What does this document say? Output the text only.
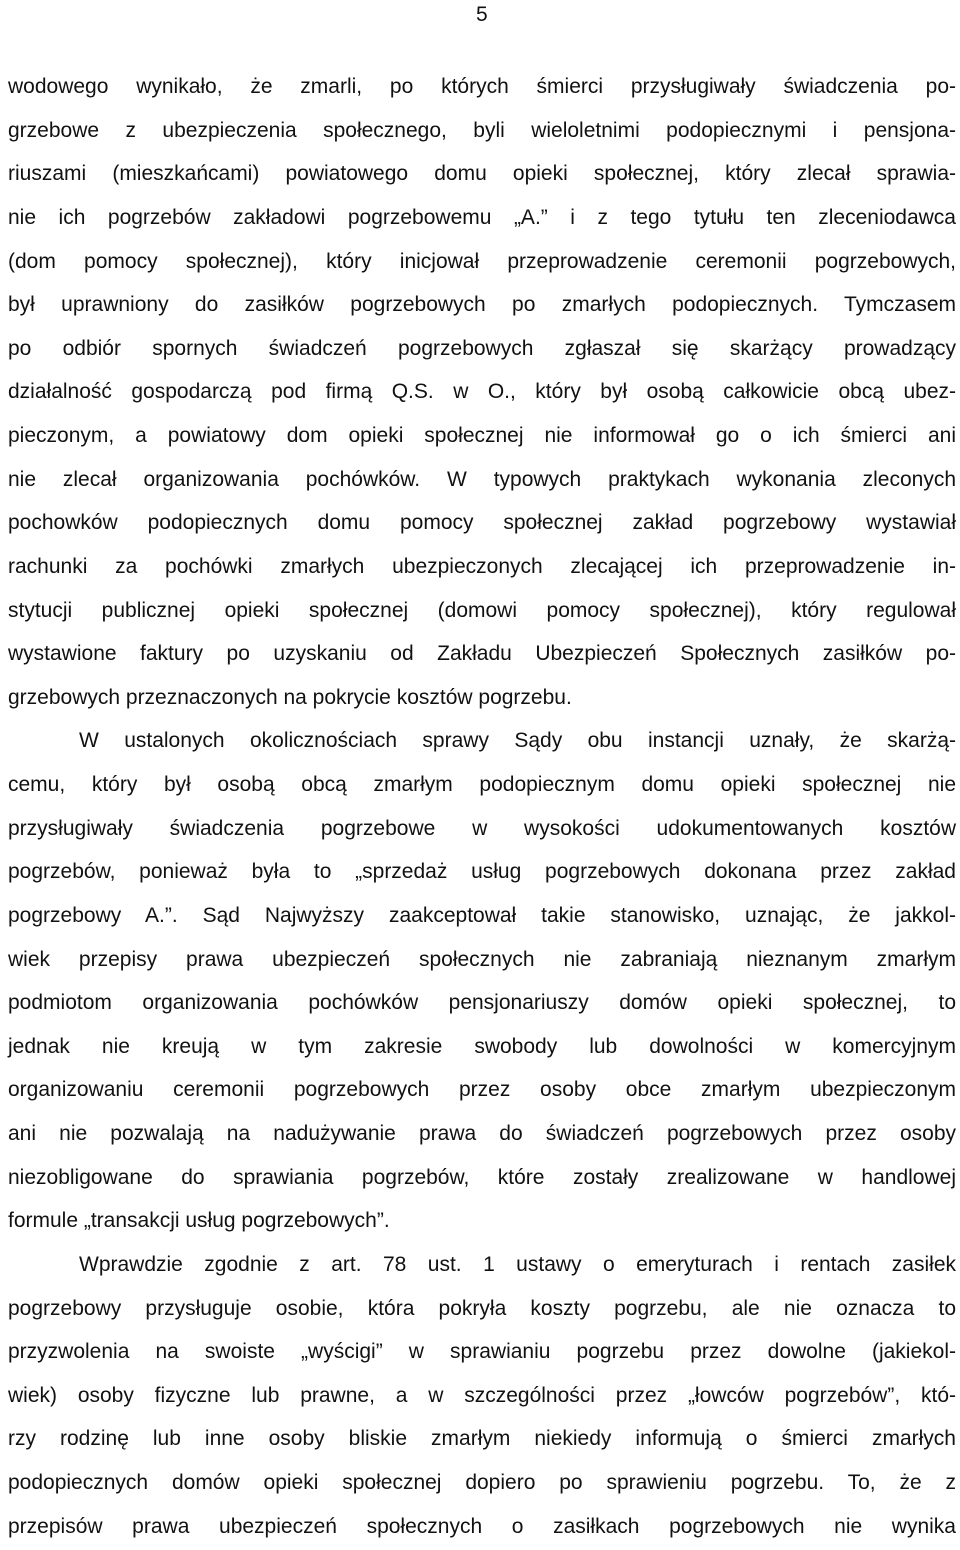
5
wodowego wynikało, że zmarli, po których śmierci przysługiwały świadczenia po-
grzebowe z ubezpieczenia społecznego, byli wieloletnimi podopiecznymi i pensjona-
riuszami (mieszkańcami) powiatowego domu opieki społecznej, który zlecał sprawia-
nie ich pogrzebów zakładowi pogrzebowemu „A.” i z tego tytułu ten zleceniodawca
(dom pomocy społecznej), który inicjował przeprowadzenie ceremonii pogrzebowych,
był uprawniony do zasiłków pogrzebowych po zmarłych podopiecznych. Tymczasem
po odbiór spornych świadczeń pogrzebowych zgłaszał się skarżący prowadzący
działalność gospodarczą pod firmą Q.S. w O., który był osobą całkowicie obcą ubez-
pieczonym, a powiatowy dom opieki społecznej nie informował go o ich śmierci ani
nie zlecał organizowania pochówków. W typowych praktykach wykonania zleconych
pochowków podopiecznych domu pomocy społecznej zakład pogrzebowy wystawiał
rachunki za pochówki zmarłych ubezpieczonych zlecającej ich przeprowadzenie in-
stytucji publicznej opieki społecznej (domowi pomocy społecznej), który regulował
wystawione faktury po uzyskaniu od Zakładu Ubezpieczeń Społecznych zasiłków po-
grzebowych przeznaczonych na pokrycie kosztów pogrzebu.
W ustalonych okolicznościach sprawy Sądy obu instancji uznały, że skarżą-
cemu, który był osobą obcą zmarłym podopiecznym domu opieki społecznej nie
przysługiwały świadczenia pogrzebowe w wysokości udokumentowanych kosztów
pogrzebów, ponieważ była to „sprzedaż usług pogrzebowych dokonana przez zakład
pogrzebowy A.”. Sąd Najwyższy zaakceptował takie stanowisko, uznając, że jakkol-
wiek przepisy prawa ubezpieczeń społecznych nie zabraniają nieznanym zmarłym
podmiotom organizowania pochówków pensjonariuszy domów opieki społecznej, to
jednak nie kreują w tym zakresie swobody lub dowolności w komercyjnym
organizowaniu ceremonii pogrzebowych przez osoby obce zmarłym ubezpieczonym
ani nie pozwalają na nadużywanie prawa do świadczeń pogrzebowych przez osoby
niezobligowane do sprawiania pogrzebów, które zostały zrealizowane w handlowej
formule „transakcji usług pogrzebowych”.
Wprawdzie zgodnie z art. 78 ust. 1 ustawy o emeryturach i rentach zasiłek
pogrzebowy przysługuje osobie, która pokryła koszty pogrzebu, ale nie oznacza to
przyzwolenia na swoiste „wyścigi” w sprawianiu pogrzebu przez dowolne (jakiekol-
wiek) osoby fizyczne lub prawne, a w szczególności przez „łowców pogrzebów”, któ-
rzy rodzinę lub inne osoby bliskie zmarłym niekiedy informują o śmierci zmarłych
podopiecznych domów opieki społecznej dopiero po sprawieniu pogrzebu. To, że z
przepisów prawa ubezpieczeń społecznych o zasiłkach pogrzebowych nie wynika
